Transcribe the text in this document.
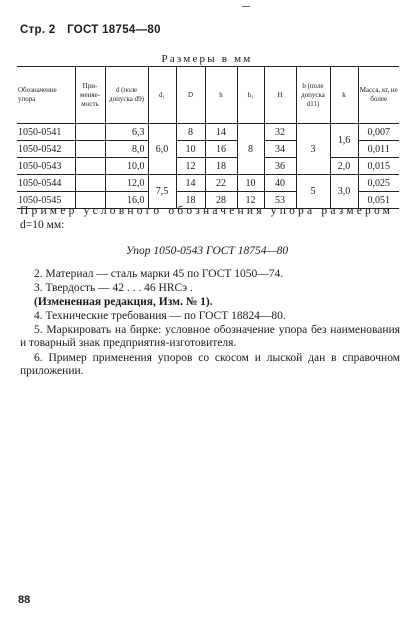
Стр. 2 ГОСТ 18754—80
Размеры в мм
Обозначение упора	Применяемость	d (поле допуска d9)	d₁	D	h	h₁	H	b (поле допуска d11)	k	Масса, кг, не более
1050-0541		6,3	6,0	8	14	8	32	3	1,6	0,007
1050-0542		8,0		10	16		34			0,011
1050-0543		10,0		12	18		36		2,0	0,015
1050-0544		12,0	7,5	14	22	10	40	5	3,0	0,025
1050-0545		16,0		18	28	12	53			0,051
Пример условного обозначения упора размером
d=10 мм:
Упор 1050-0543 ГОСТ 18754—80
2. Материал — сталь марки 45 по ГОСТ 1050—74.
3. Твердость — 42 . . . 46 HRCэ .
(Измененная редакция, Изм. № 1).
4. Технические требования — по ГОСТ 18824—80.
5. Маркировать на бирке: условное обозначение упора без наименования и товарный знак предприятия-изготовителя.
6. Пример применения упоров со скосом и лыской дан в справочном приложении.
88
